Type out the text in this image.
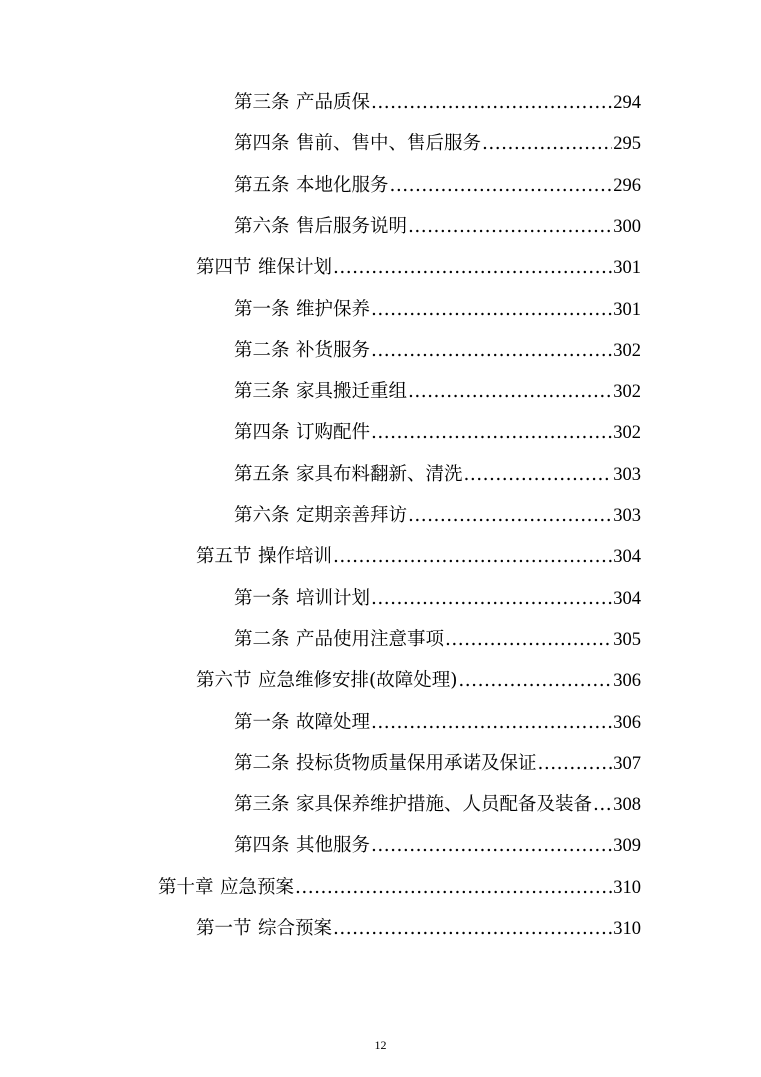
第三条 产品质保 .....	294
第四条 售前、售中、售后服务 .....	295
第五条 本地化服务 .....	296
第六条 售后服务说明 .....	300
第四节 维保计划 .....	301
第一条 维护保养 .....	301
第二条 补货服务 .....	302
第三条 家具搬迁重组 .....	302
第四条 订购配件 .....	302
第五条 家具布料翻新、清洗 .....	303
第六条 定期亲善拜访 .....	303
第五节 操作培训 .....	304
第一条 培训计划 .....	304
第二条 产品使用注意事项 .....	305
第六节 应急维修安排(故障处理) .....	306
第一条 故障处理 .....	306
第二条 投标货物质量保用承诺及保证 .....	307
第三条 家具保养维护措施、人员配备及装备 ..... 308
第四条 其他服务 .....	309
第十章 应急预案 .....	310
第一节 综合预案 .....	310
12
